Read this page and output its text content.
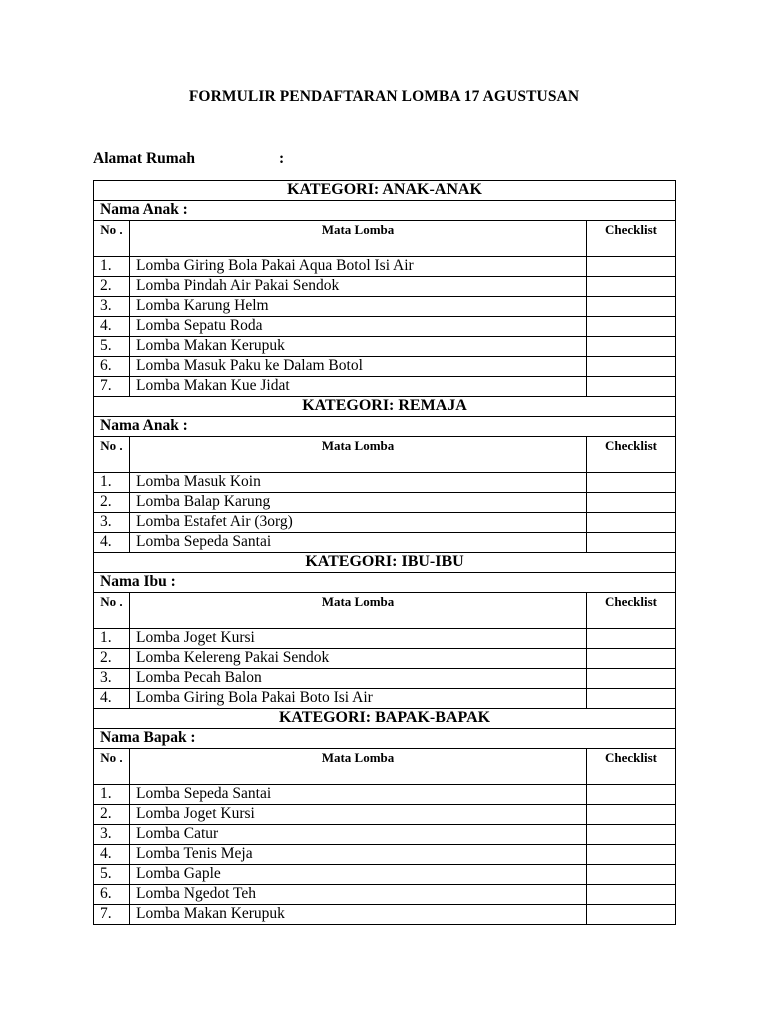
FORMULIR PENDAFTARAN LOMBA 17 AGUSTUSAN
Alamat Rumah	:
KATEGORI: ANAK-ANAK		
Nama Anak :		
No .	Mata Lomba	Checklist
1.	Lomba Giring Bola Pakai Aqua Botol Isi Air	
2.	Lomba Pindah Air Pakai Sendok	
3.	Lomba Karung Helm	
4.	Lomba Sepatu Roda	
5.	Lomba Makan Kerupuk	
6.	Lomba Masuk Paku ke Dalam Botol	
7.	Lomba Makan Kue Jidat	
KATEGORI: REMAJA		
Nama Anak :		
No .	Mata Lomba	Checklist
1.	Lomba Masuk Koin	
2.	Lomba Balap Karung	
3.	Lomba Estafet Air (3org)	
4.	Lomba Sepeda Santai	
KATEGORI: IBU-IBU		
Nama Ibu :		
No .	Mata Lomba	Checklist
1.	Lomba Joget Kursi	
2.	Lomba Kelereng Pakai Sendok	
3.	Lomba Pecah Balon	
4.	Lomba Giring Bola Pakai Boto Isi Air	
KATEGORI: BAPAK-BAPAK		
Nama Bapak :		
No .	Mata Lomba	Checklist
1.	Lomba Sepeda Santai	
2.	Lomba Joget Kursi	
3.	Lomba Catur	
4.	Lomba Tenis Meja	
5.	Lomba Gaple	
6.	Lomba Ngedot Teh	
7.	Lomba Makan Kerupuk	
